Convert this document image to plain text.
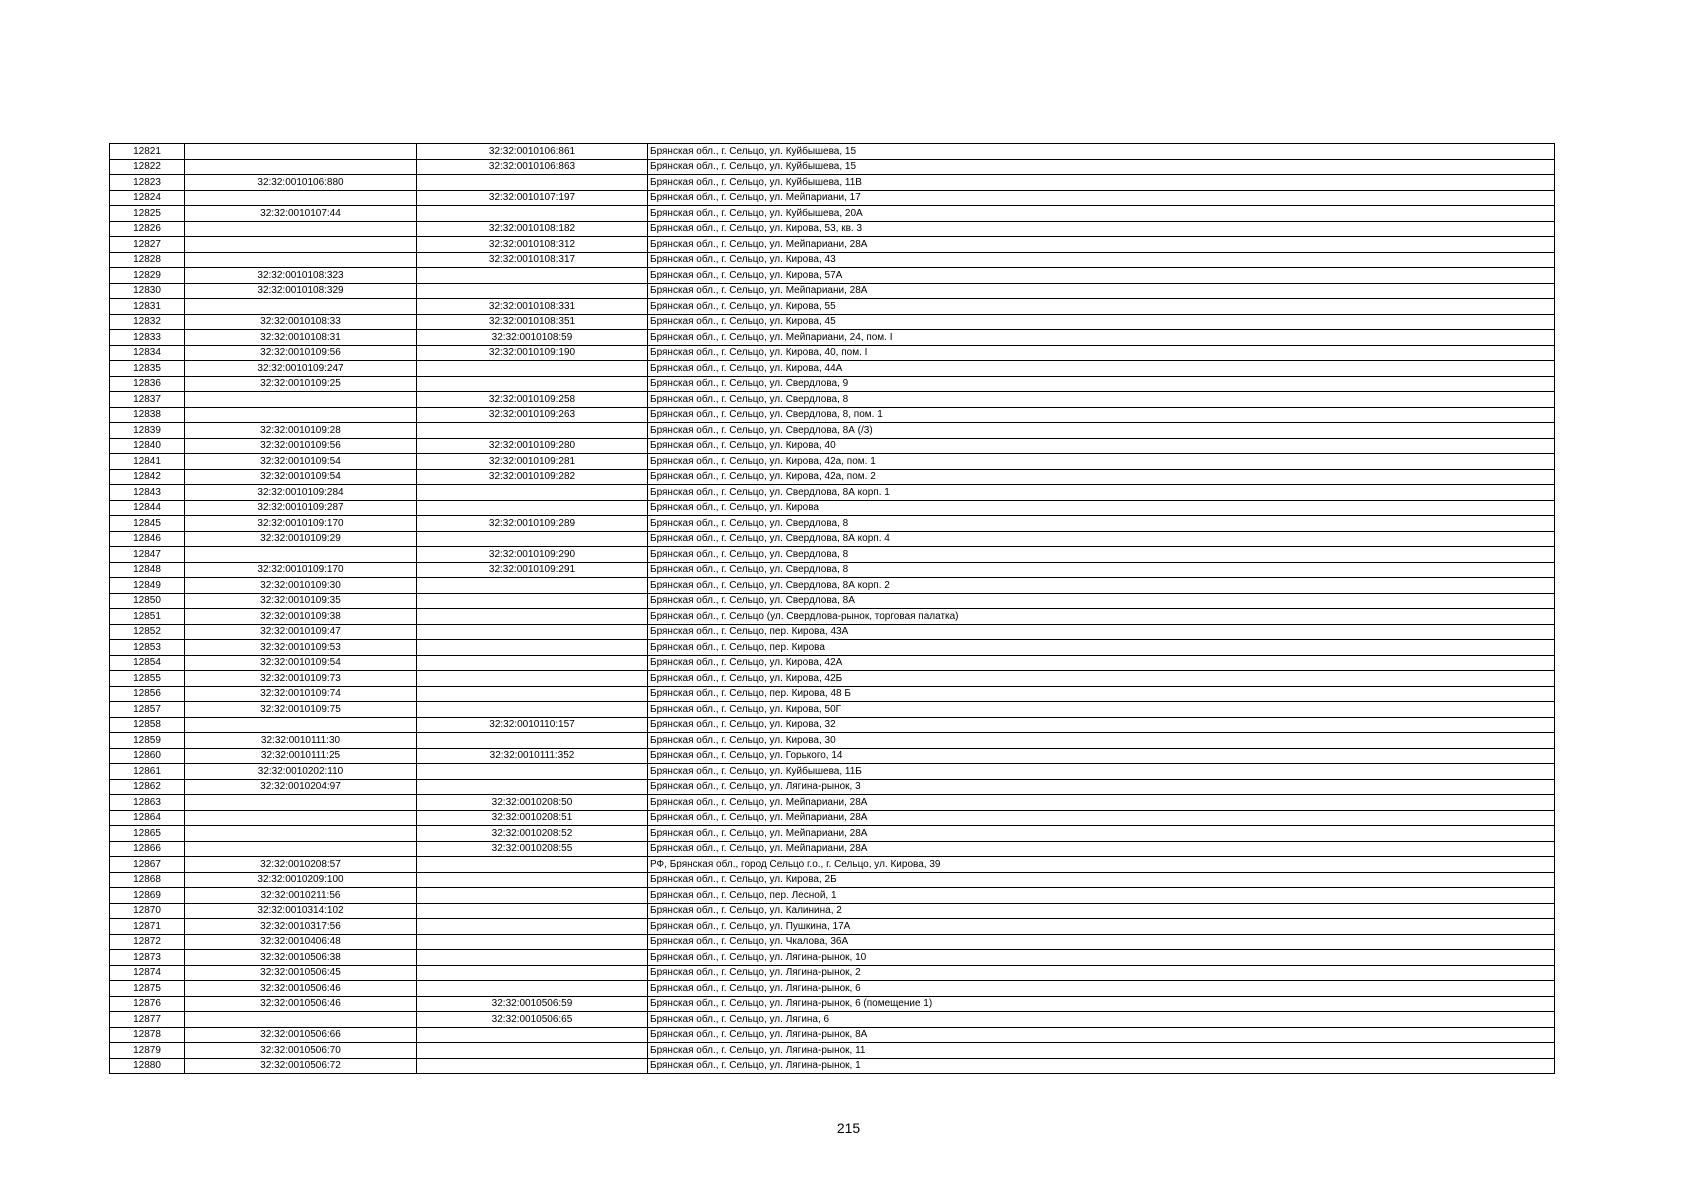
12821		32:32:0010106:861	Брянская обл., г. Сельцо, ул. Куйбышева, 15
12822		32:32:0010106:863	Брянская обл., г. Сельцо, ул. Куйбышева, 15
12823	32:32:0010106:880		Брянская обл., г. Сельцо, ул. Куйбышева, 11В
12824		32:32:0010107:197	Брянская обл., г. Сельцо, ул. Мейпариани, 17
12825	32:32:0010107:44		Брянская обл., г. Сельцо, ул. Куйбышева, 20А
12826		32:32:0010108:182	Брянская обл., г. Сельцо, ул. Кирова, 53, кв. 3
12827		32:32:0010108:312	Брянская обл., г. Сельцо, ул. Мейпариани, 28А
12828		32:32:0010108:317	Брянская обл., г. Сельцо, ул. Кирова, 43
12829	32:32:0010108:323		Брянская обл., г. Сельцо, ул. Кирова, 57А
12830	32:32:0010108:329		Брянская обл., г. Сельцо, ул. Мейпариани, 28А
12831		32:32:0010108:331	Брянская обл., г. Сельцо, ул. Кирова, 55
12832	32:32:0010108:33	32:32:0010108:351	Брянская обл., г. Сельцо, ул. Кирова, 45
12833	32:32:0010108:31	32:32:0010108:59	Брянская обл., г. Сельцо, ул. Мейпариани, 24, пом. I
12834	32:32:0010109:56	32:32:0010109:190	Брянская обл., г. Сельцо, ул. Кирова, 40, пом. I
12835	32:32:0010109:247		Брянская обл., г. Сельцо, ул. Кирова, 44А
12836	32:32:0010109:25		Брянская обл., г. Сельцо, ул. Свердлова, 9
12837		32:32:0010109:258	Брянская обл., г. Сельцо, ул. Свердлова, 8
12838		32:32:0010109:263	Брянская обл., г. Сельцо, ул. Свердлова, 8, пом. 1
12839	32:32:0010109:28		Брянская обл., г. Сельцо, ул. Свердлова, 8А (/3)
12840	32:32:0010109:56	32:32:0010109:280	Брянская обл., г. Сельцо, ул. Кирова, 40
12841	32:32:0010109:54	32:32:0010109:281	Брянская обл., г. Сельцо, ул. Кирова, 42а, пом. 1
12842	32:32:0010109:54	32:32:0010109:282	Брянская обл., г. Сельцо, ул. Кирова, 42а, пом. 2
12843	32:32:0010109:284		Брянская обл., г. Сельцо, ул. Свердлова, 8А корп. 1
12844	32:32:0010109:287		Брянская обл., г. Сельцо, ул. Кирова
12845	32:32:0010109:170	32:32:0010109:289	Брянская обл., г. Сельцо, ул. Свердлова, 8
12846	32:32:0010109:29		Брянская обл., г. Сельцо, ул. Свердлова, 8А корп. 4
12847		32:32:0010109:290	Брянская обл., г. Сельцо, ул. Свердлова, 8
12848	32:32:0010109:170	32:32:0010109:291	Брянская обл., г. Сельцо, ул. Свердлова, 8
12849	32:32:0010109:30		Брянская обл., г. Сельцо, ул. Свердлова, 8А корп. 2
12850	32:32:0010109:35		Брянская обл., г. Сельцо, ул. Свердлова, 8А
12851	32:32:0010109:38		Брянская обл., г. Сельцо (ул. Свердлова-рынок, торговая палатка)
12852	32:32:0010109:47		Брянская обл., г. Сельцо, пер. Кирова, 43А
12853	32:32:0010109:53		Брянская обл., г. Сельцо, пер. Кирова
12854	32:32:0010109:54		Брянская обл., г. Сельцо, ул. Кирова, 42А
12855	32:32:0010109:73		Брянская обл., г. Сельцо, ул. Кирова, 42Б
12856	32:32:0010109:74		Брянская обл., г. Сельцо, пер. Кирова, 48 Б
12857	32:32:0010109:75		Брянская обл., г. Сельцо, ул. Кирова, 50Г
12858		32:32:0010110:157	Брянская обл., г. Сельцо, ул. Кирова, 32
12859	32:32:0010111:30		Брянская обл., г. Сельцо, ул. Кирова, 30
12860	32:32:0010111:25	32:32:0010111:352	Брянская обл., г. Сельцо, ул. Горького, 14
12861	32:32:0010202:110		Брянская обл., г. Сельцо, ул. Куйбышева, 11Б
12862	32:32:0010204:97		Брянская обл., г. Сельцо, ул. Лягина-рынок, 3
12863		32:32:0010208:50	Брянская обл., г. Сельцо, ул. Мейпариани, 28А
12864		32:32:0010208:51	Брянская обл., г. Сельцо, ул. Мейпариани, 28А
12865		32:32:0010208:52	Брянская обл., г. Сельцо, ул. Мейпариани, 28А
12866		32:32:0010208:55	Брянская обл., г. Сельцо, ул. Мейпариани, 28А
12867	32:32:0010208:57		РФ, Брянская обл., город Сельцо г.о., г. Сельцо, ул. Кирова, 39
12868	32:32:0010209:100		Брянская обл., г. Сельцо, ул. Кирова, 2Б
12869	32:32:0010211:56		Брянская обл., г. Сельцо, пер. Лесной, 1
12870	32:32:0010314:102		Брянская обл., г. Сельцо, ул. Калинина, 2
12871	32:32:0010317:56		Брянская обл., г. Сельцо, ул. Пушкина, 17А
12872	32:32:0010406:48		Брянская обл., г. Сельцо, ул. Чкалова, 36А
12873	32:32:0010506:38		Брянская обл., г. Сельцо, ул. Лягина-рынок, 10
12874	32:32:0010506:45		Брянская обл., г. Сельцо, ул. Лягина-рынок, 2
12875	32:32:0010506:46		Брянская обл., г. Сельцо, ул. Лягина-рынок, 6
12876	32:32:0010506:46	32:32:0010506:59	Брянская обл., г. Сельцо, ул. Лягина-рынок, 6 (помещение 1)
12877		32:32:0010506:65	Брянская обл., г. Сельцо, ул. Лягина, 6
12878	32:32:0010506:66		Брянская обл., г. Сельцо, ул. Лягина-рынок, 8А
12879	32:32:0010506:70		Брянская обл., г. Сельцо, ул. Лягина-рынок, 11
12880	32:32:0010506:72		Брянская обл., г. Сельцо, ул. Лягина-рынок, 1
215
